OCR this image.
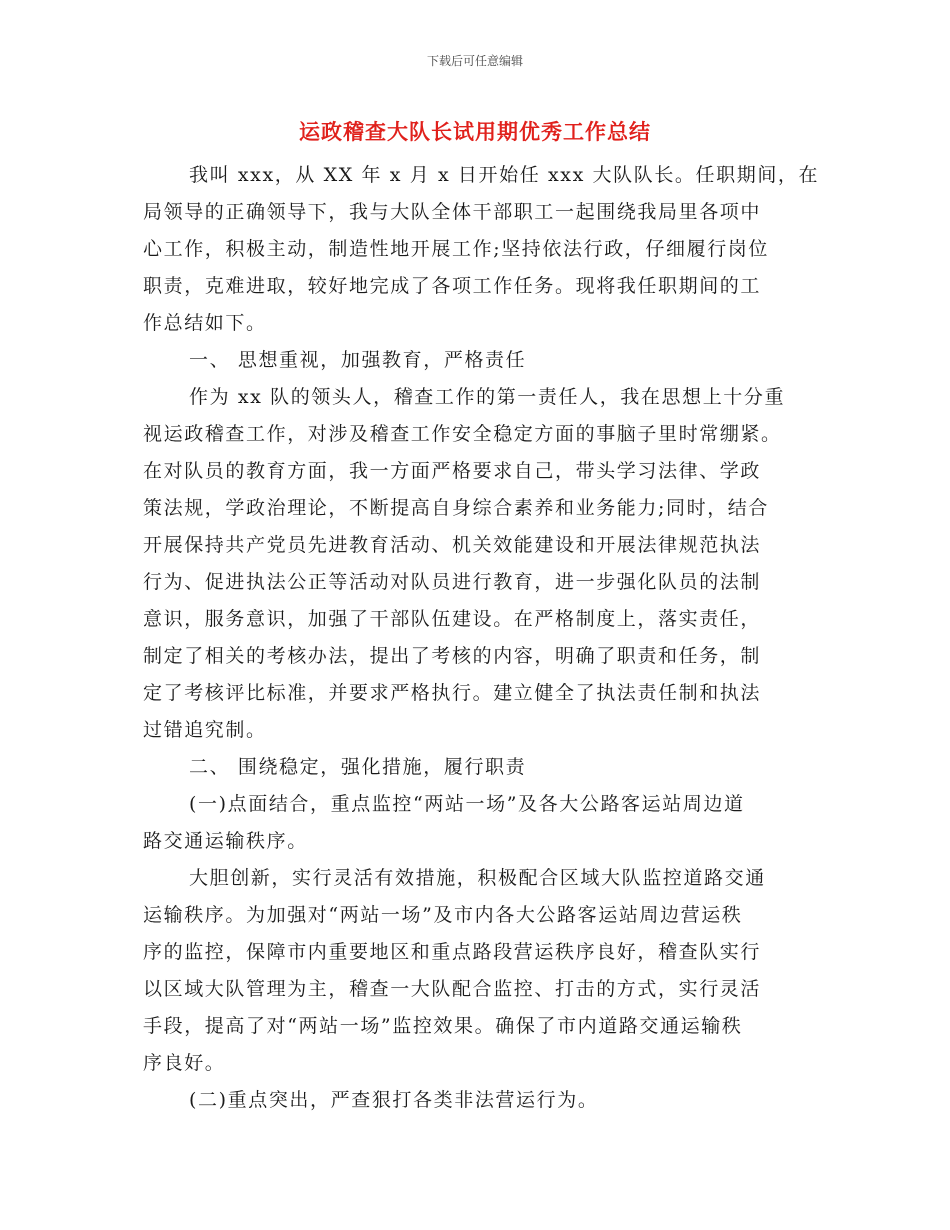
下载后可任意编辑
运政稽查大队长试用期优秀工作总结
我叫 xxx，从 XX 年 x 月 x 日开始任 xxx 大队队长。任职期间，在
局领导的正确领导下，我与大队全体干部职工一起围绕我局里各项中
心工作，积极主动，制造性地开展工作;坚持依法行政，仔细履行岗位
职责，克难进取，较好地完成了各项工作任务。现将我任职期间的工
作总结如下。
一、 思想重视，加强教育，严格责任
作为 xx 队的领头人，稽查工作的第一责任人，我在思想上十分重
视运政稽查工作，对涉及稽查工作安全稳定方面的事脑子里时常绷紧。
在对队员的教育方面，我一方面严格要求自己，带头学习法律、学政
策法规，学政治理论，不断提高自身综合素养和业务能力;同时，结合
开展保持共产党员先进教育活动、机关效能建设和开展法律规范执法
行为、促进执法公正等活动对队员进行教育，进一步强化队员的法制
意识，服务意识，加强了干部队伍建设。在严格制度上，落实责任，
制定了相关的考核办法，提出了考核的内容，明确了职责和任务，制
定了考核评比标准，并要求严格执行。建立健全了执法责任制和执法
过错追究制。
二、 围绕稳定，强化措施，履行职责
(一)点面结合，重点监控“两站一场”及各大公路客运站周边道
路交通运输秩序。
大胆创新，实行灵活有效措施，积极配合区域大队监控道路交通
运输秩序。为加强对“两站一场”及市内各大公路客运站周边营运秩
序的监控，保障市内重要地区和重点路段营运秩序良好，稽查队实行
以区域大队管理为主，稽查一大队配合监控、打击的方式，实行灵活
手段，提高了对“两站一场”监控效果。确保了市内道路交通运输秩
序良好。
(二)重点突出，严查狠打各类非法营运行为。
